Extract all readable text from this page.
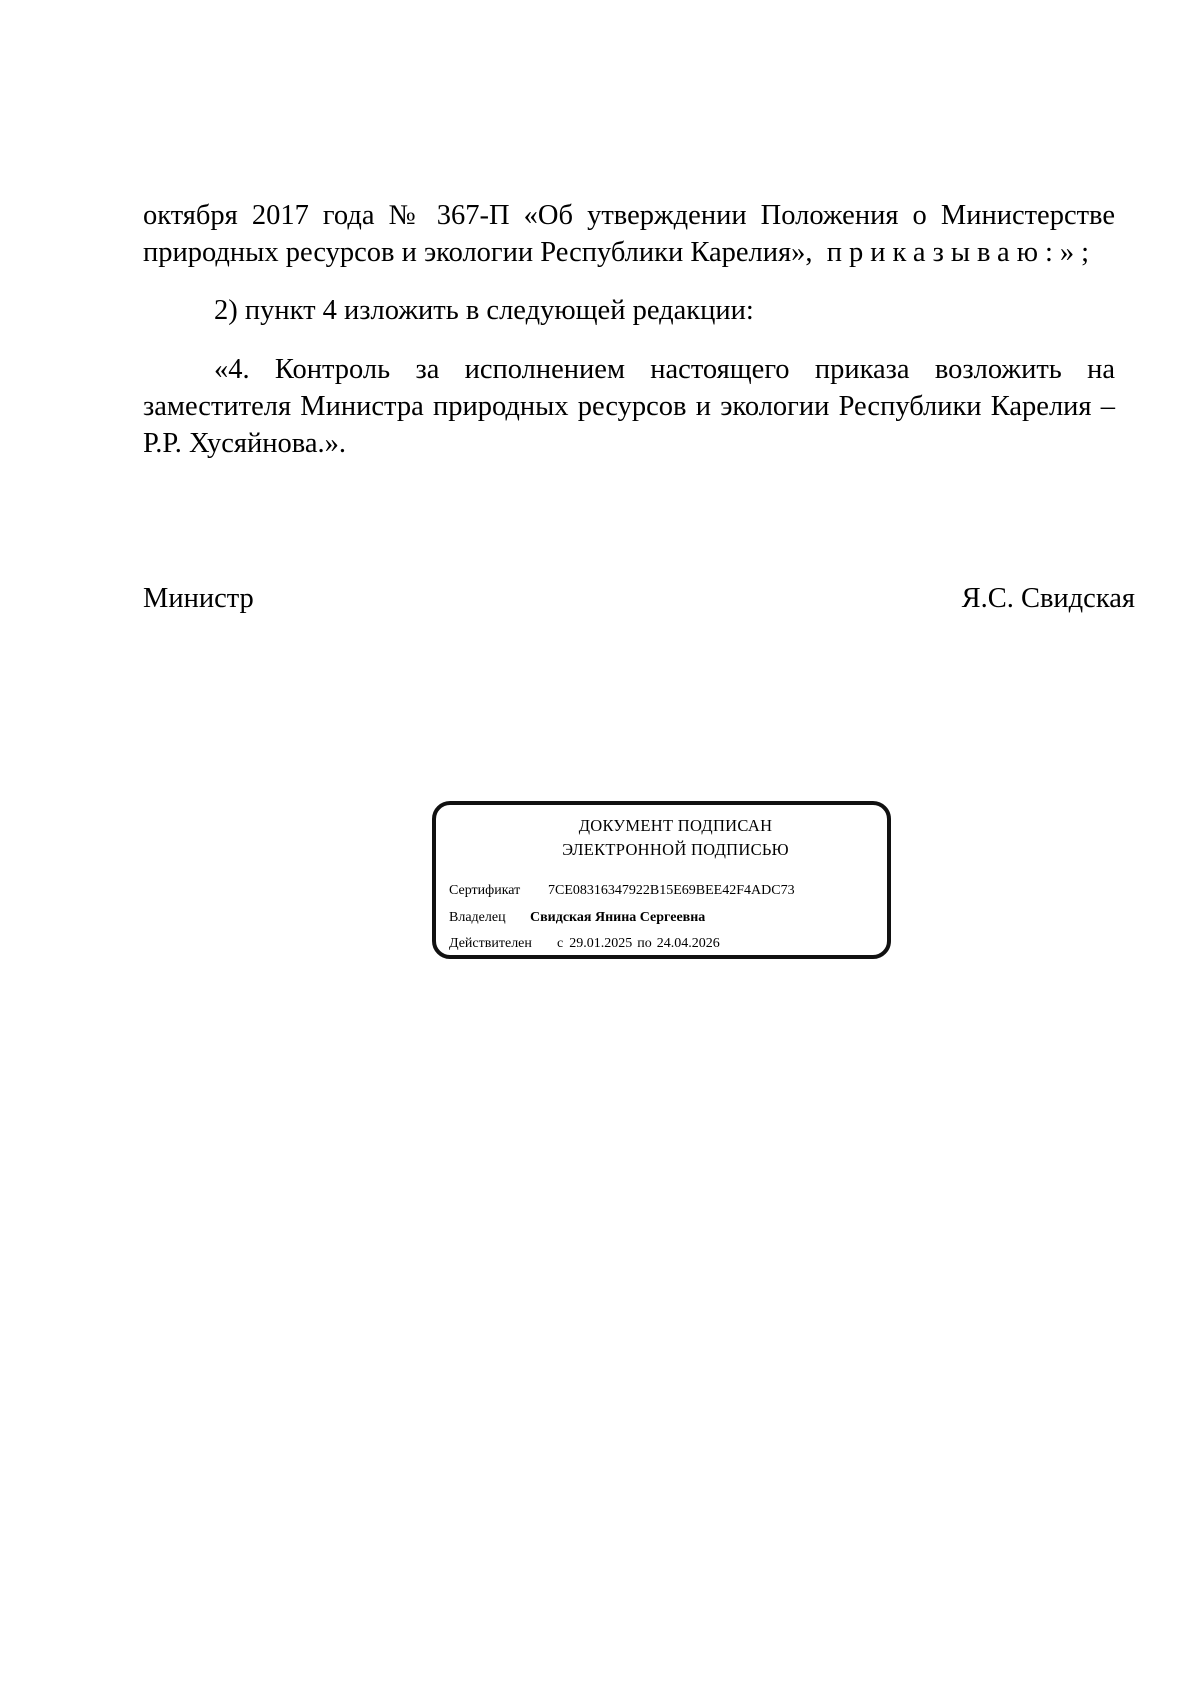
октября 2017 года № 367-П «Об утверждении Положения о Министерстве
природных ресурсов и экологии Республики Карелия», приказываю:»;
2) пункт 4 изложить в следующей редакции:
«4. Контроль за исполнением настоящего приказа возложить на
заместителя Министра природных ресурсов и экологии Республики Карелия –
Р.Р. Хусяйнова.».
Министр	Я.С. Свидская
ДОКУМЕНТ ПОДПИСАН
ЭЛЕКТРОННОЙ ПОДПИСЬЮ
Сертификат 7CE08316347922B15E69BEE42F4ADC73
Владелец Свидская Янина Сергеевна
Действителен с 29.01.2025 по 24.04.2026
